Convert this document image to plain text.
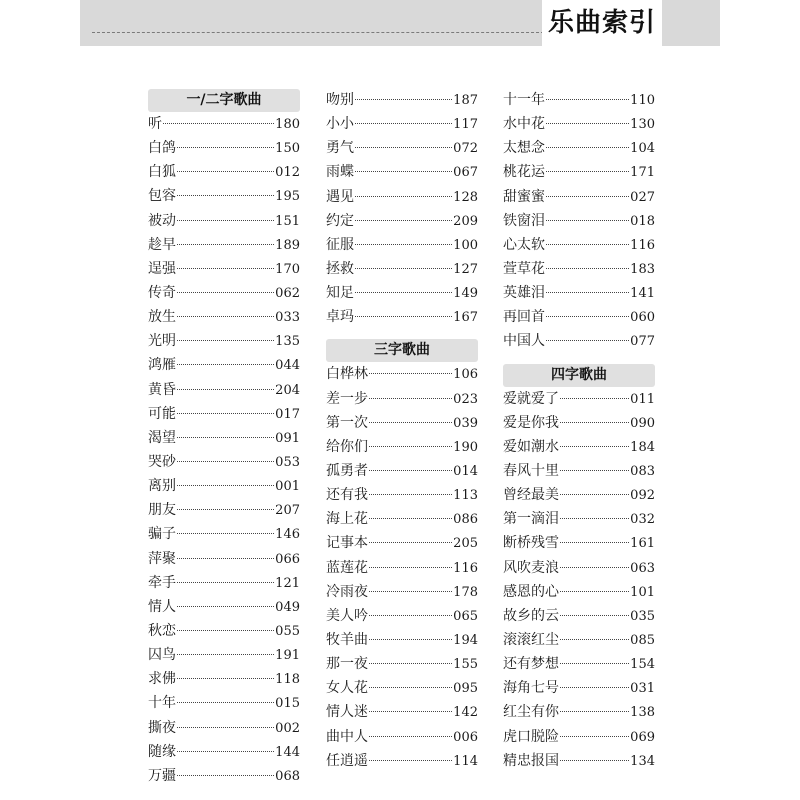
乐曲索引
一/二字歌曲
听	180
白鸽	150
白狐	012
包容	195
被动	151
趁早	189
逞强	170
传奇	062
放生	033
光明	135
鸿雁	044
黄昏	204
可能	017
渴望	091
哭砂	053
离别	001
朋友	207
骗子	146
萍聚	066
牵手	121
情人	049
秋恋	055
囚鸟	191
求佛	118
十年	015
撕夜	002
随缘	144
万疆	068
吻别	187
小小	117
勇气	072
雨蝶	067
遇见	128
约定	209
征服	100
拯救	127
知足	149
卓玛	167
三字歌曲
白桦林	106
差一步	023
第一次	039
给你们	190
孤勇者	014
还有我	113
海上花	086
记事本	205
蓝莲花	116
冷雨夜	178
美人吟	065
牧羊曲	194
那一夜	155
女人花	095
情人迷	142
曲中人	006
任逍遥	114
十一年	110
水中花	130
太想念	104
桃花运	171
甜蜜蜜	027
铁窗泪	018
心太软	116
萱草花	183
英雄泪	141
再回首	060
中国人	077
四字歌曲
爱就爱了	011
爱是你我	090
爱如潮水	184
春风十里	083
曾经最美	092
第一滴泪	032
断桥残雪	161
风吹麦浪	063
感恩的心	101
故乡的云	035
滚滚红尘	085
还有梦想	154
海角七号	031
红尘有你	138
虎口脱险	069
精忠报国	134
